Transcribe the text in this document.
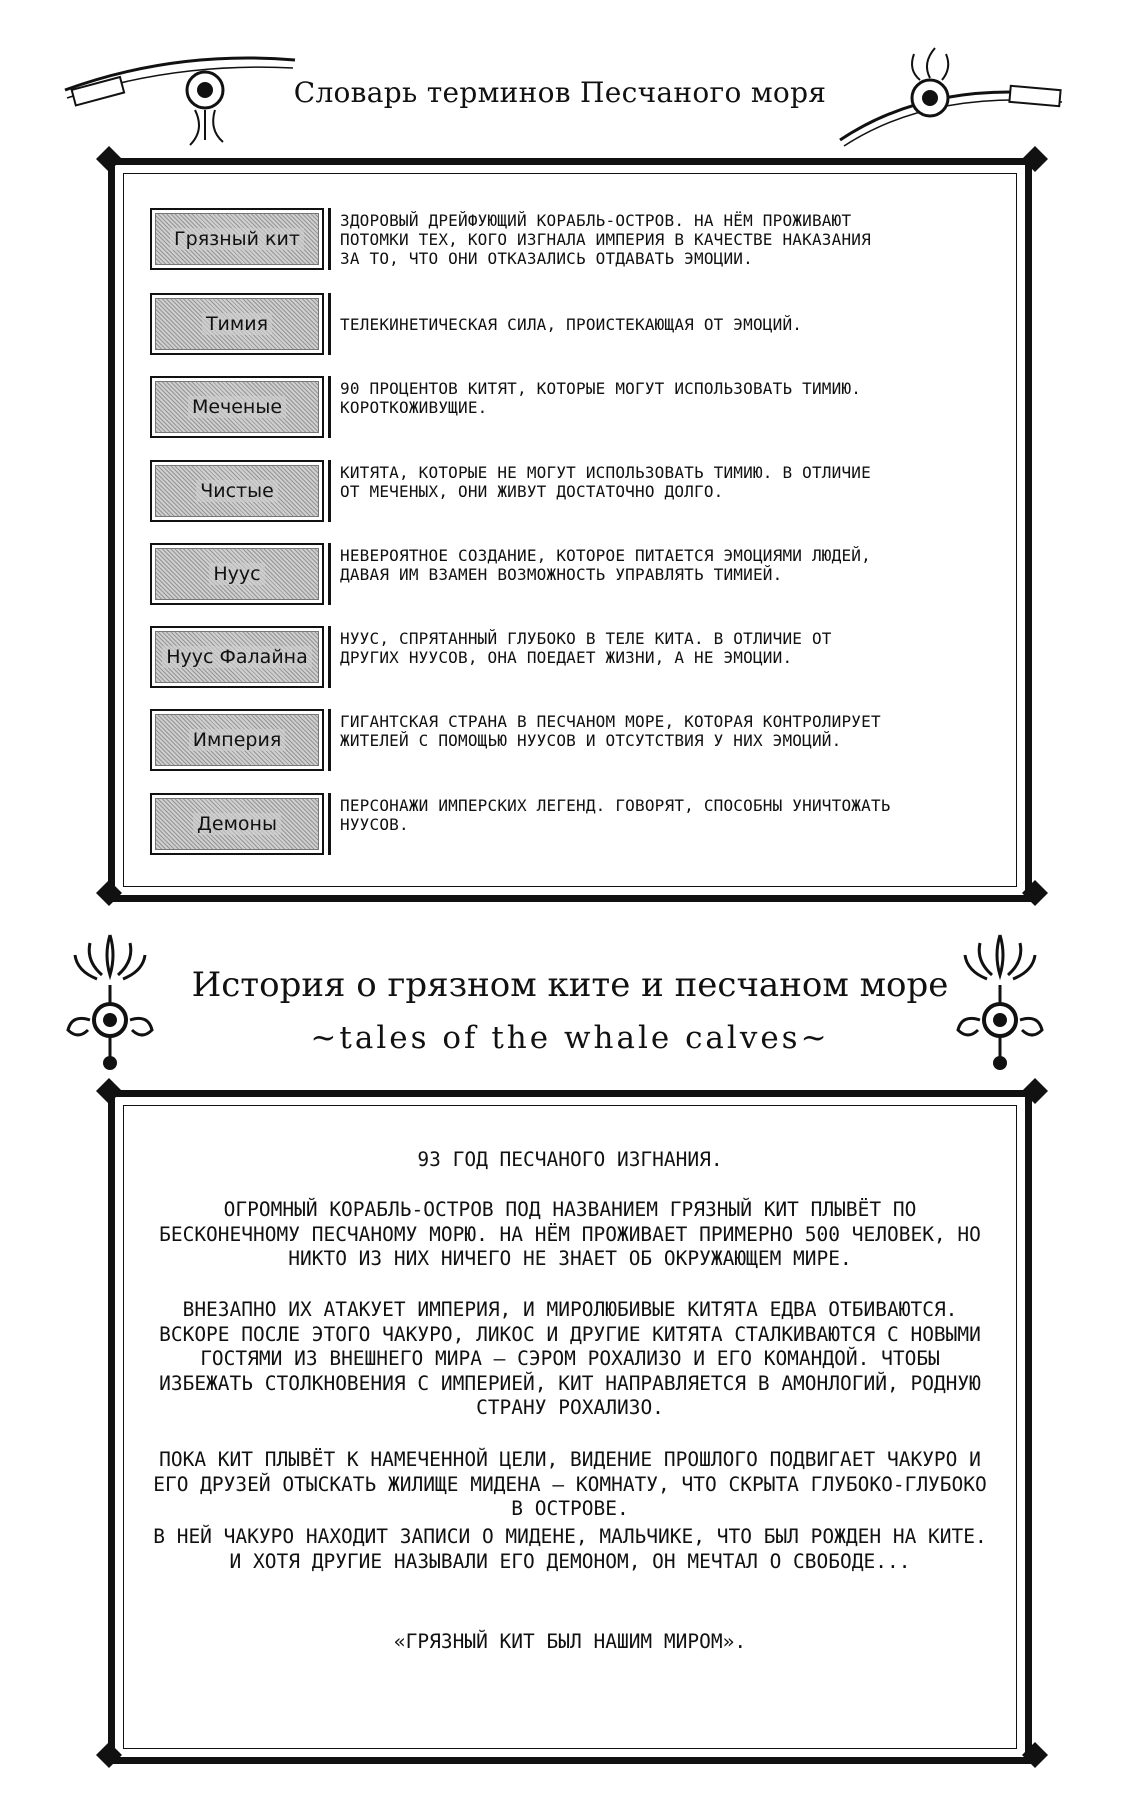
Словарь терминов Песчаного моря
Грязный кит
ЗДОРОВЫЙ ДРЕЙФУЮЩИЙ КОРАБЛЬ-ОСТРОВ. НА НЁМ ПРОЖИВАЮТ ПОТОМКИ ТЕХ, КОГО ИЗГНАЛА ИМПЕРИЯ В КАЧЕСТВЕ НАКАЗАНИЯ ЗА ТО, ЧТО ОНИ ОТКАЗАЛИСЬ ОТДАВАТЬ ЭМОЦИИ.
Тимия	ТЕЛЕКИНЕТИЧЕСКАЯ СИЛА, ПРОИСТЕКАЮЩАЯ ОТ ЭМОЦИЙ.
Меченые
90 ПРОЦЕНТОВ КИТЯТ, КОТОРЫЕ МОГУТ ИСПОЛЬЗОВАТЬ ТИМИЮ. КОРОТКОЖИВУЩИЕ.
Чистые
КИТЯТА, КОТОРЫЕ НЕ МОГУТ ИСПОЛЬЗОВАТЬ ТИМИЮ. В ОТЛИЧИЕ ОТ МЕЧЕНЫХ, ОНИ ЖИВУТ ДОСТАТОЧНО ДОЛГО.
Нуус
НЕВЕРОЯТНОЕ СОЗДАНИЕ, КОТОРОЕ ПИТАЕТСЯ ЭМОЦИЯМИ ЛЮДЕЙ, ДАВАЯ ИМ ВЗАМЕН ВОЗМОЖНОСТЬ УПРАВЛЯТЬ ТИМИЕЙ.
Нуус Фалайна
НУУС, СПРЯТАННЫЙ ГЛУБОКО В ТЕЛЕ КИТА. В ОТЛИЧИЕ ОТ ДРУГИХ НУУСОВ, ОНА ПОЕДАЕТ ЖИЗНИ, А НЕ ЭМОЦИИ.
Империя
ГИГАНТСКАЯ СТРАНА В ПЕСЧАНОМ МОРЕ, КОТОРАЯ КОНТРОЛИРУЕТ ЖИТЕЛЕЙ С ПОМОЩЬЮ НУУСОВ И ОТСУТСТВИЯ У НИХ ЭМОЦИЙ.
Демоны
ПЕРСОНАЖИ ИМПЕРСКИХ ЛЕГЕНД. ГОВОРЯТ, СПОСОБНЫ УНИЧТОЖАТЬ НУУСОВ.
История о грязном ките и песчаном море
~tales of the whale calves~
93 ГОД ПЕСЧАНОГО ИЗГНАНИЯ.
ОГРОМНЫЙ КОРАБЛЬ-ОСТРОВ ПОД НАЗВАНИЕМ ГРЯЗНЫЙ КИТ ПЛЫВЁТ ПО БЕСКОНЕЧНОМУ ПЕСЧАНОМУ МОРЮ. НА НЁМ ПРОЖИВАЕТ ПРИМЕРНО 500 ЧЕЛОВЕК, НО НИКТО ИЗ НИХ НИЧЕГО НЕ ЗНАЕТ ОБ ОКРУЖАЮЩЕМ МИРЕ.
ВНЕЗАПНО ИХ АТАКУЕТ ИМПЕРИЯ, И МИРОЛЮБИВЫЕ КИТЯТА ЕДВА ОТБИВАЮТСЯ. ВСКОРЕ ПОСЛЕ ЭТОГО ЧАКУРО, ЛИКОС И ДРУГИЕ КИТЯТА СТАЛКИВАЮТСЯ С НОВЫМИ ГОСТЯМИ ИЗ ВНЕШНЕГО МИРА — СЭРОМ РОХАЛИЗО И ЕГО КОМАНДОЙ. ЧТОБЫ ИЗБЕЖАТЬ СТОЛКНОВЕНИЯ С ИМПЕРИЕЙ, КИТ НАПРАВЛЯЕТСЯ В АМОНЛОГИЙ, РОДНУЮ СТРАНУ РОХАЛИЗО.
ПОКА КИТ ПЛЫВЁТ К НАМЕЧЕННОЙ ЦЕЛИ, ВИДЕНИЕ ПРОШЛОГО ПОДВИГАЕТ ЧАКУРО И ЕГО ДРУЗЕЙ ОТЫСКАТЬ ЖИЛИЩЕ МИДЕНА — КОМНАТУ, ЧТО СКРЫТА ГЛУБОКО-ГЛУБОКО В ОСТРОВЕ.
В НЕЙ ЧАКУРО НАХОДИТ ЗАПИСИ О МИДЕНЕ, МАЛЬЧИКЕ, ЧТО БЫЛ РОЖДЕН НА КИТЕ. И ХОТЯ ДРУГИЕ НАЗЫВАЛИ ЕГО ДЕМОНОМ, ОН МЕЧТАЛ О СВОБОДЕ...
«ГРЯЗНЫЙ КИТ БЫЛ НАШИМ МИРОМ».
